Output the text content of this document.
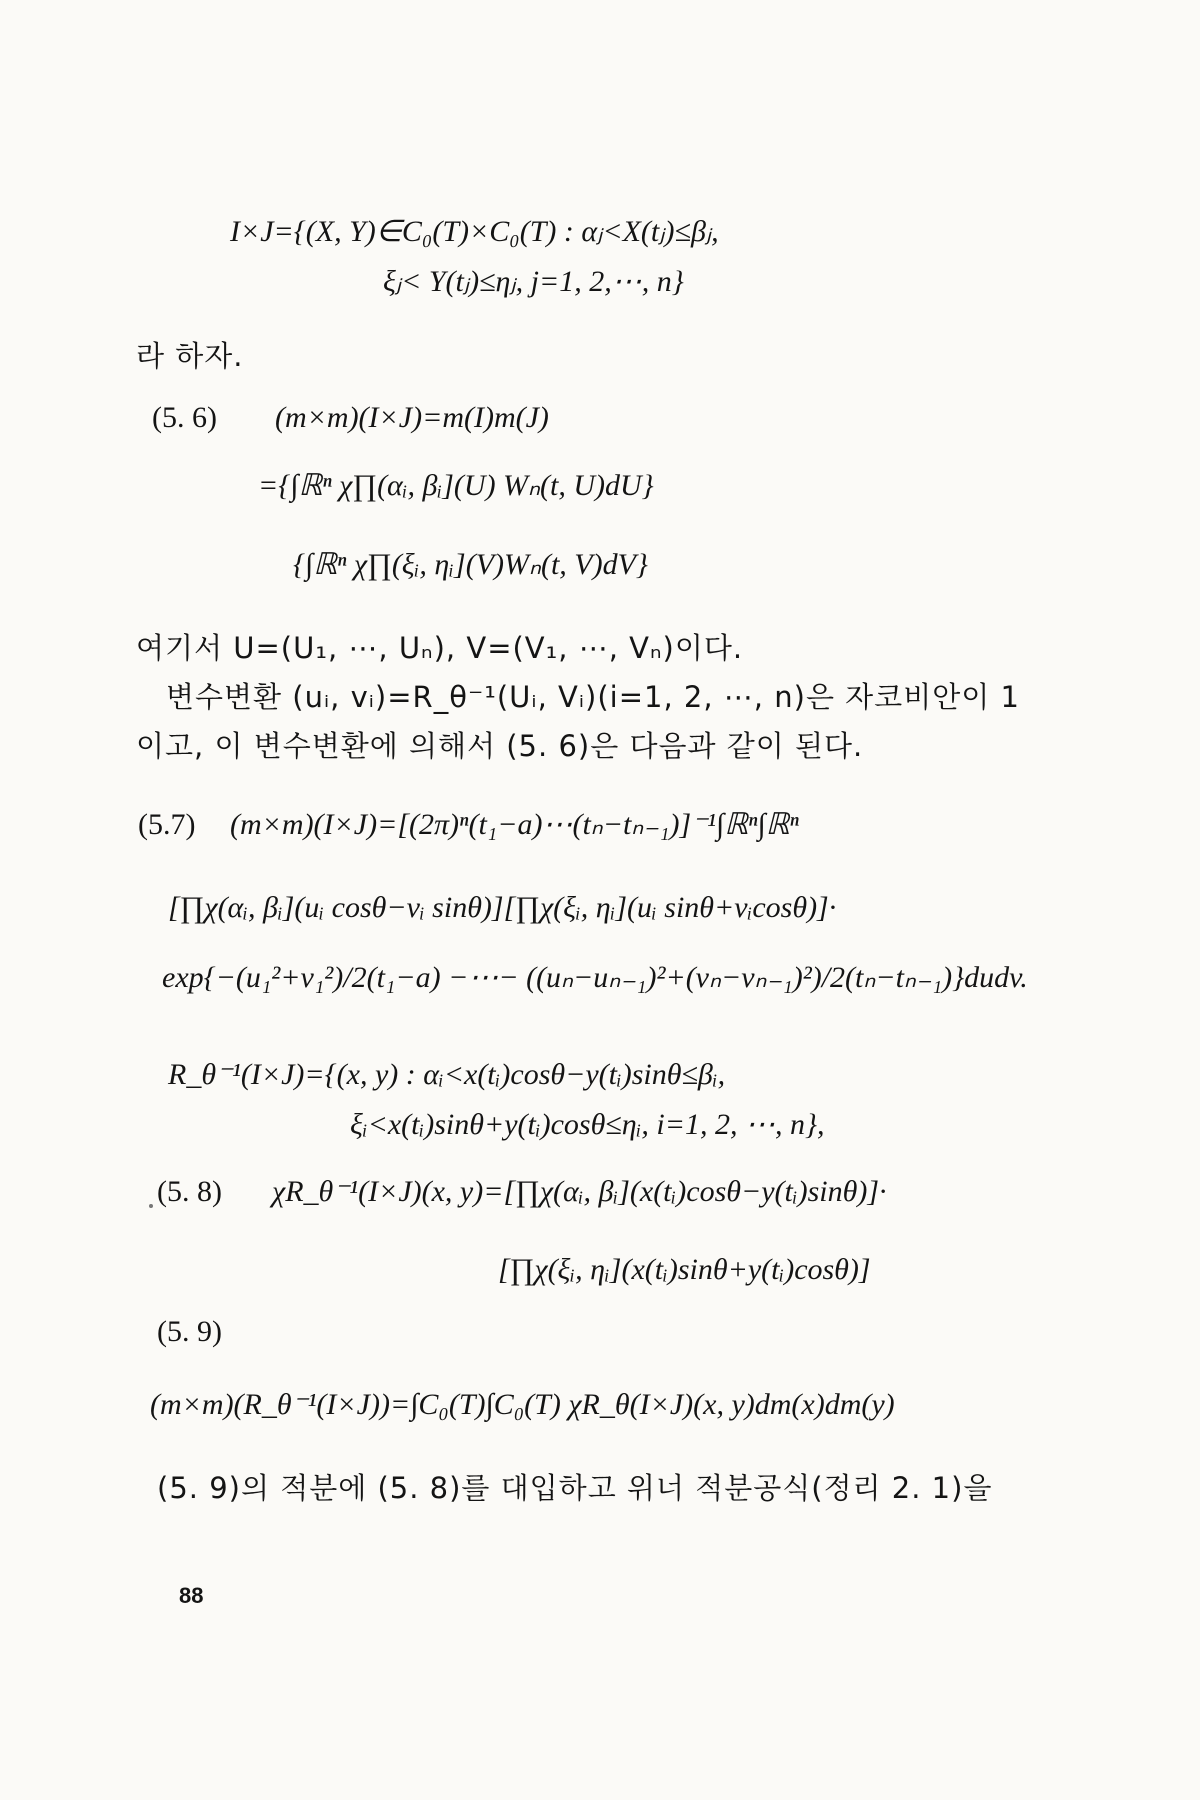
I×J={(X, Y)∈C₀(T)×C₀(T) : αⱼ<X(tⱼ)≤βⱼ,
ξⱼ< Y(tⱼ)≤ηⱼ, j=1, 2,⋯, n}
라 하자.
(5. 6) (m×m)(I×J)=m(I)m(J)
={∫ℝⁿ χ∏(αᵢ, βᵢ](U) Wₙ(t, U)dU}
{∫ℝⁿ χ∏(ξᵢ, ηᵢ](V)Wₙ(t, V)dV}
여기서 U=(U₁, ⋯, Uₙ), V=(V₁, ⋯, Vₙ)이다.
변수변환 (uᵢ, vᵢ)=R_θ⁻¹(Uᵢ, Vᵢ)(i=1, 2, ⋯, n)은 자코비안이 1
이고, 이 변수변환에 의해서 (5. 6)은 다음과 같이 된다.
(5.7) (m×m)(I×J)=[(2π)ⁿ(t₁−a)⋯(tₙ−tₙ₋₁)]⁻¹∫ℝⁿ∫ℝⁿ
[∏χ(αᵢ, βᵢ](uᵢ cosθ−vᵢ sinθ)][∏χ(ξᵢ, ηᵢ](uᵢ sinθ+vᵢcosθ)]·
exp{−(u₁²+v₁²)/2(t₁−a) −⋯− ((uₙ−uₙ₋₁)²+(vₙ−vₙ₋₁)²)/2(tₙ−tₙ₋₁)}dudv.
R_θ⁻¹(I×J)={(x, y) : αᵢ<x(tᵢ)cosθ−y(tᵢ)sinθ≤βᵢ,
ξᵢ<x(tᵢ)sinθ+y(tᵢ)cosθ≤ηᵢ, i=1, 2, ⋯, n},
(5. 8) χR_θ⁻¹(I×J)(x, y)=[∏χ(αᵢ, βᵢ](x(tᵢ)cosθ−y(tᵢ)sinθ)]·
[∏χ(ξᵢ, ηᵢ](x(tᵢ)sinθ+y(tᵢ)cosθ)]
(5. 9)
(m×m)(R_θ⁻¹(I×J))=∫C₀(T)∫C₀(T) χR_θ(I×J)(x, y)dm(x)dm(y)
(5. 9)의 적분에 (5. 8)를 대입하고 위너 적분공식(정리 2. 1)을
88
